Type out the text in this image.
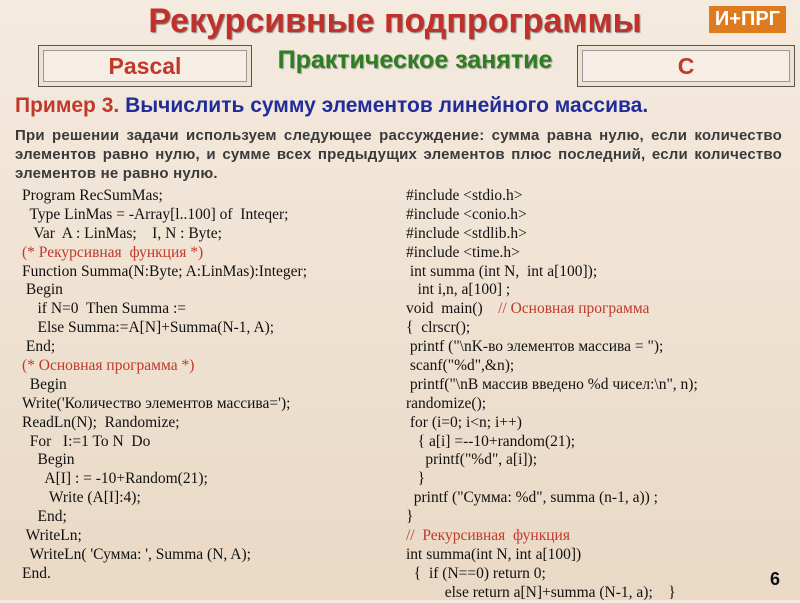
Рекурсивные подпрограммы	И+ПРГ
Pascal	Практическое занятие	C
Пример 3. Вычислить сумму элементов линейного массива.
При решении задачи используем следующее рассуждение: сумма равна нулю, если количество элементов равно нулю, и сумме всех предыдущих элементов плюс последний, если количество элементов не равно нулю.
Program RecSumMas;
Type LinMas = -Array[l..100] of  Inteqer;
Var  A : LinMas;    I, N : Byte;
(* Рекурсивная  функция *)
Function Summa(N:Byte; A:LinMas):Integer;
Begin
if N=0  Then Summa :=
Else Summa:=A[N]+Summa(N-1, A);
End;
(* Основная программа *)
Begin
Write('Количество элементов массива=');
ReadLn(N);  Randomize;
For   I:=1 To N  Do
Begin
A[I] : = -10+Random(21);
Write (A[I]:4);
End;
WriteLn;
WriteLn( 'Сумма: ', Summa (N, A);
End.
#include <stdio.h>
#include <conio.h>
#include <stdlib.h>
#include <time.h>
int summa (int N,  int a[100]);
int i,n, a[100] ;
void  main()    // Основная программа
{  clrscr();
printf ("\nK-во элементов массива = ");
scanf("%d",&n);
printf("\nB массив введено %d чисел:\n", n);
randomize();
for (i=0; i<n; i++)
{ a[i] =--10+random(21);
printf("%d", a[i]);
}
printf ("Сумма: %d", summa (n-1, a)) ;
}
//  Рекурсивная  функция
int summa(int N, int a[100])
{  if (N==0) return 0;
else return a[N]+summa (N-1, a);    }
6
